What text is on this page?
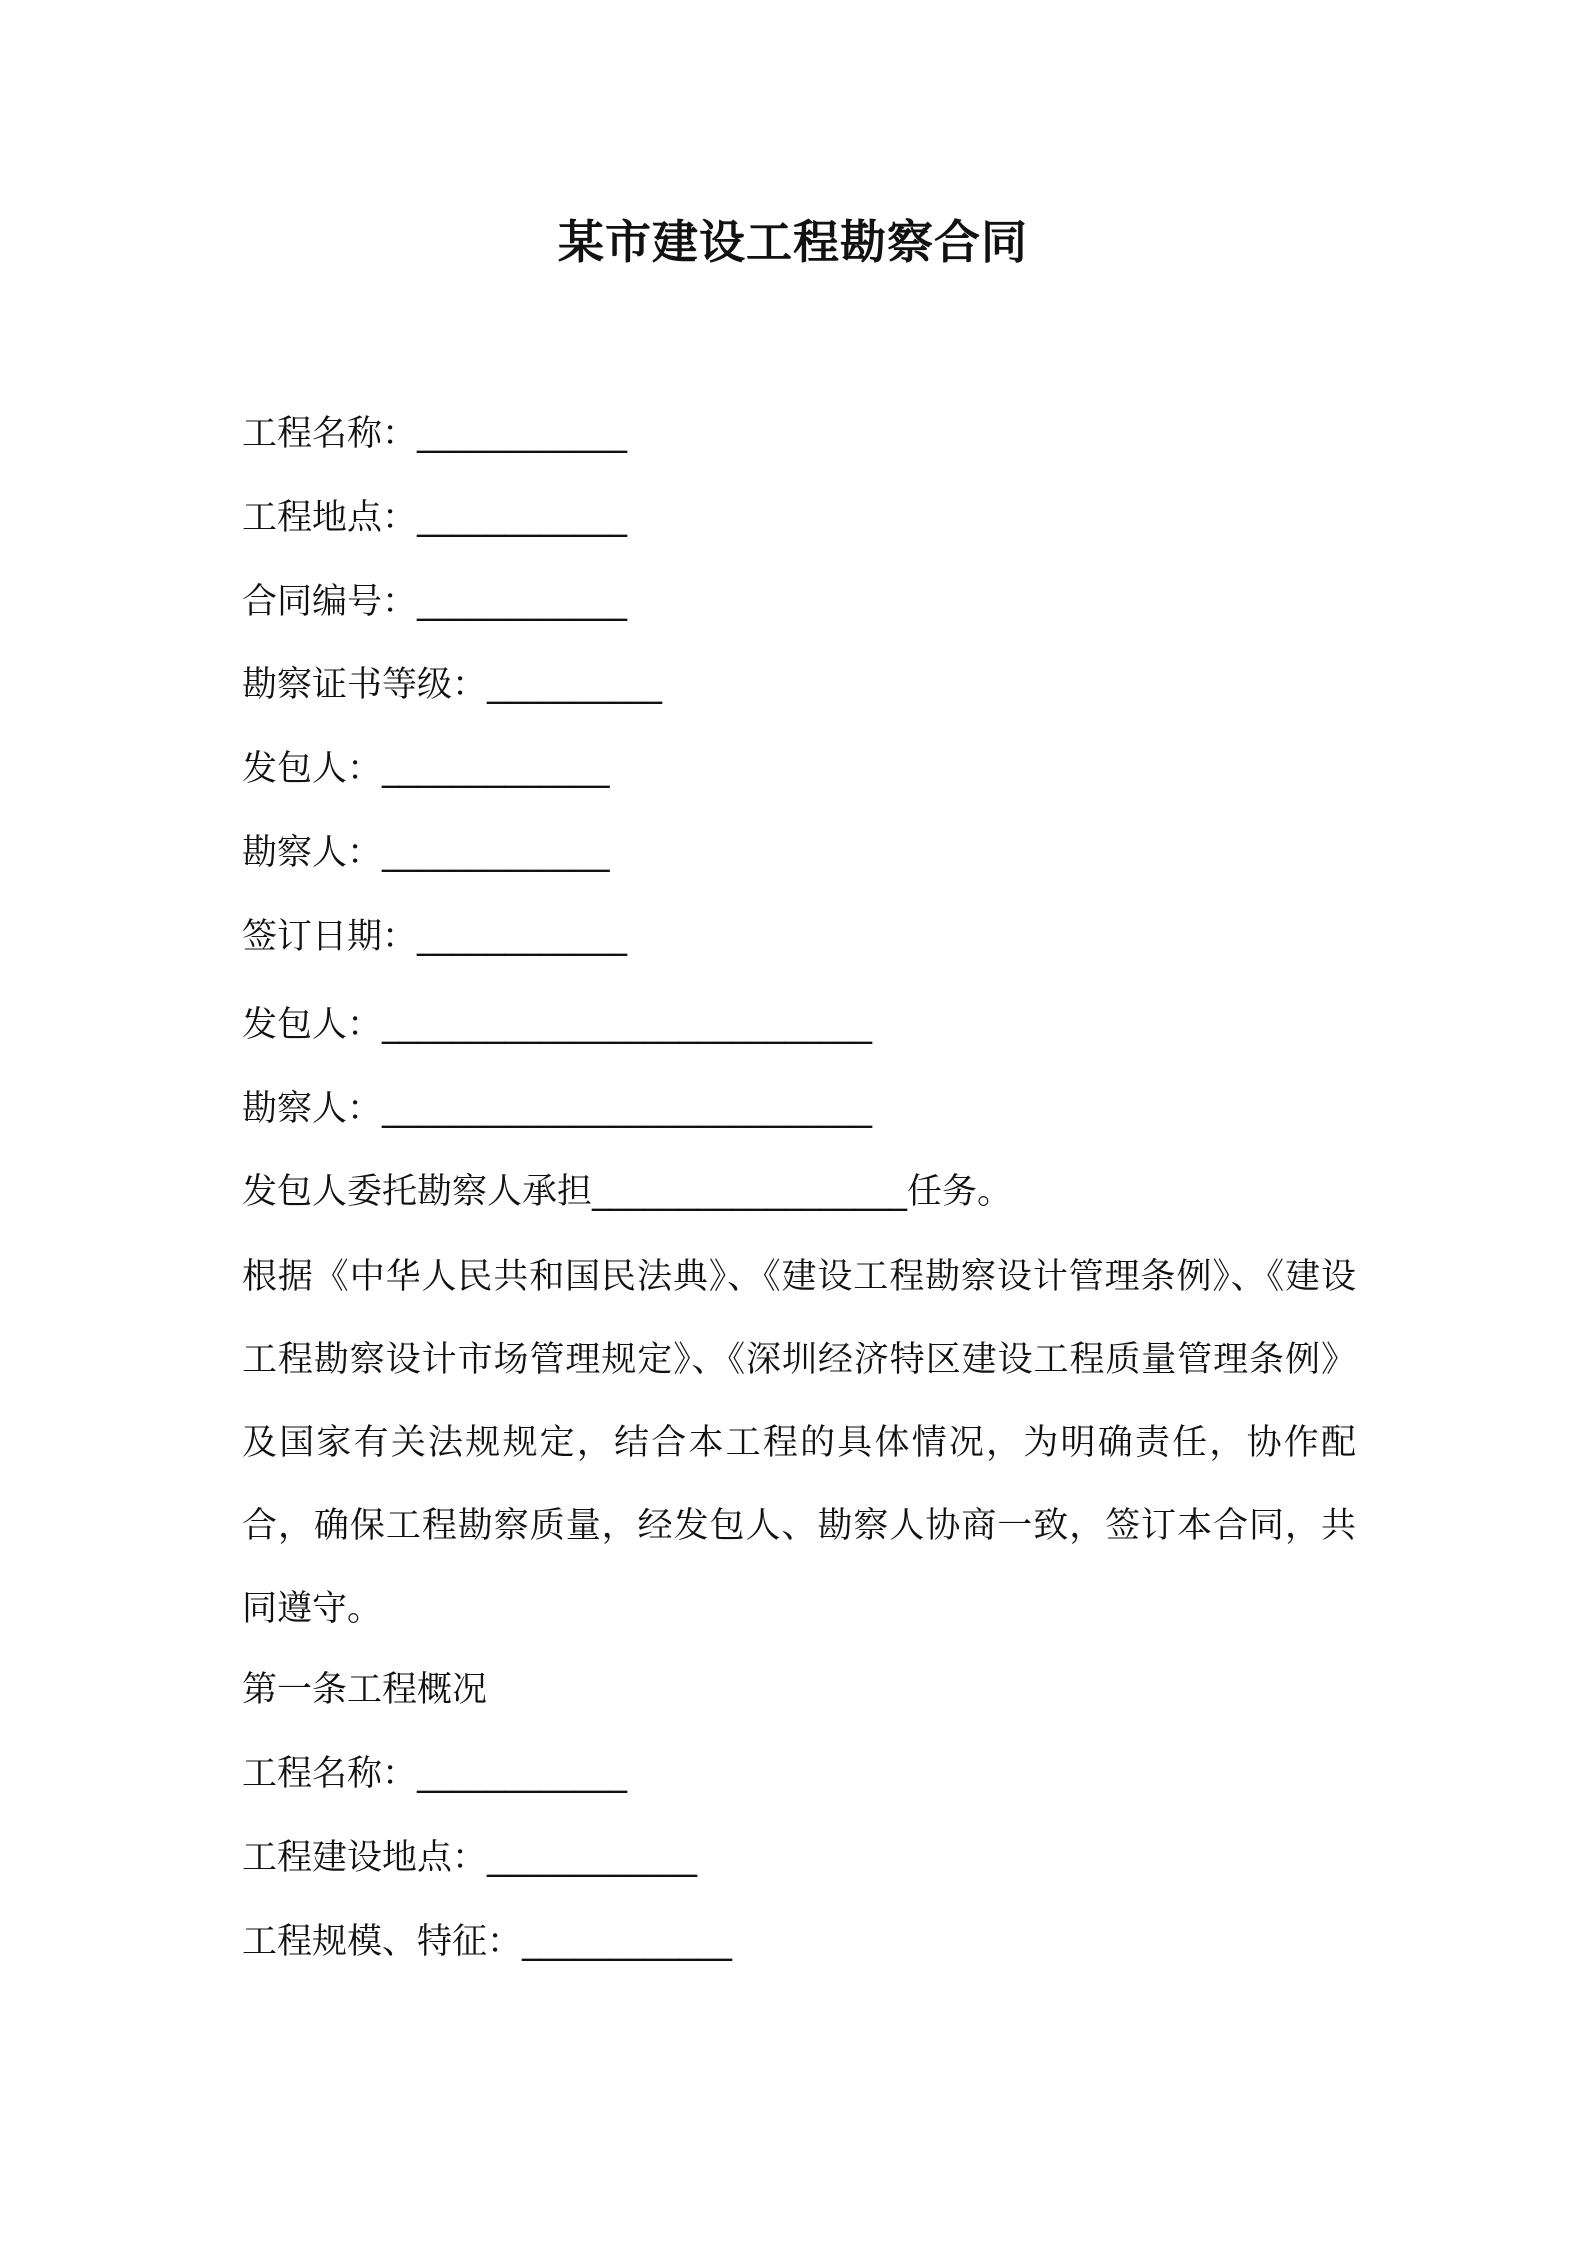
某市建设工程勘察合同
工程名称：____________
工程地点：____________
合同编号：____________
勘察证书等级：__________
发包人：_____________
勘察人：_____________
签订日期：____________
发包人：____________________________
勘察人：____________________________
发包人委托勘察人承担__________________任务。
根据《中华人民共和国民法典》、《建设工程勘察设计管理条例》、《建设工程勘察设计市场管理规定》、《深圳经济特区建设工程质量管理条例》及国家有关法规规定，结合本工程的具体情况，为明确责任，协作配合，确保工程勘察质量，经发包人、勘察人协商一致，签订本合同，共同遵守。
第一条工程概况
工程名称：____________
工程建设地点：____________
工程规模、特征：____________
